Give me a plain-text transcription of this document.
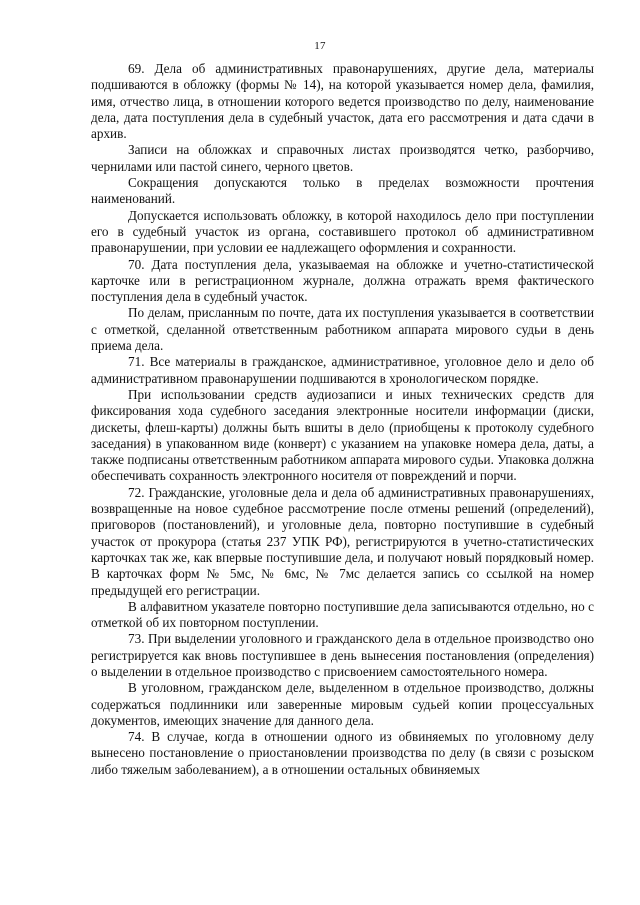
17

69. Дела об административных правонарушениях, другие дела, материалы подшиваются в обложку (формы № 14), на которой указывается номер дела, фамилия, имя, отчество лица, в отношении которого ведется производство по делу, наименование дела, дата поступления дела в судебный участок, дата его рассмотрения и дата сдачи в архив.

Записи на обложках и справочных листах производятся четко, разборчиво, чернилами или пастой синего, черного цветов.

Сокращения допускаются только в пределах возможности прочтения наименований.

Допускается использовать обложку, в которой находилось дело при поступлении его в судебный участок из органа, составившего протокол об административном правонарушении, при условии ее надлежащего оформления и сохранности.

70. Дата поступления дела, указываемая на обложке и учетно-статистической карточке или в регистрационном журнале, должна отражать время фактического поступления дела в судебный участок.

По делам, присланным по почте, дата их поступления указывается в соответствии с отметкой, сделанной ответственным работником аппарата мирового судьи в день приема дела.

71. Все материалы в гражданское, административное, уголовное дело и дело об административном правонарушении подшиваются в хронологическом порядке.

При использовании средств аудиозаписи и иных технических средств для фиксирования хода судебного заседания электронные носители информации (диски, дискеты, флеш-карты) должны быть вшиты в дело (приобщены к протоколу судебного заседания) в упакованном виде (конверт) с указанием на упаковке номера дела, даты, а также подписаны ответственным работником аппарата мирового судьи. Упаковка должна обеспечивать сохранность электронного носителя от повреждений и порчи.

72. Гражданские, уголовные дела и дела об административных правонарушениях, возвращенные на новое судебное рассмотрение после отмены решений (определений), приговоров (постановлений), и уголовные дела, повторно поступившие в судебный участок от прокурора (статья 237 УПК РФ), регистрируются в учетно-статистических карточках так же, как впервые поступившие дела, и получают новый порядковый номер. В карточках форм № 5мс, № 6мс, № 7мс делается запись со ссылкой на номер предыдущей его регистрации.

В алфавитном указателе повторно поступившие дела записываются отдельно, но с отметкой об их повторном поступлении.

73. При выделении уголовного и гражданского дела в отдельное производство оно регистрируется как вновь поступившее в день вынесения постановления (определения) о выделении в отдельное производство с присвоением самостоятельного номера.

В уголовном, гражданском деле, выделенном в отдельное производство, должны содержаться подлинники или заверенные мировым судьей копии процессуальных документов, имеющих значение для данного дела.

74. В случае, когда в отношении одного из обвиняемых по уголовному делу вынесено постановление о приостановлении производства по делу (в связи с розыском либо тяжелым заболеванием), а в отношении остальных обвиняемых
